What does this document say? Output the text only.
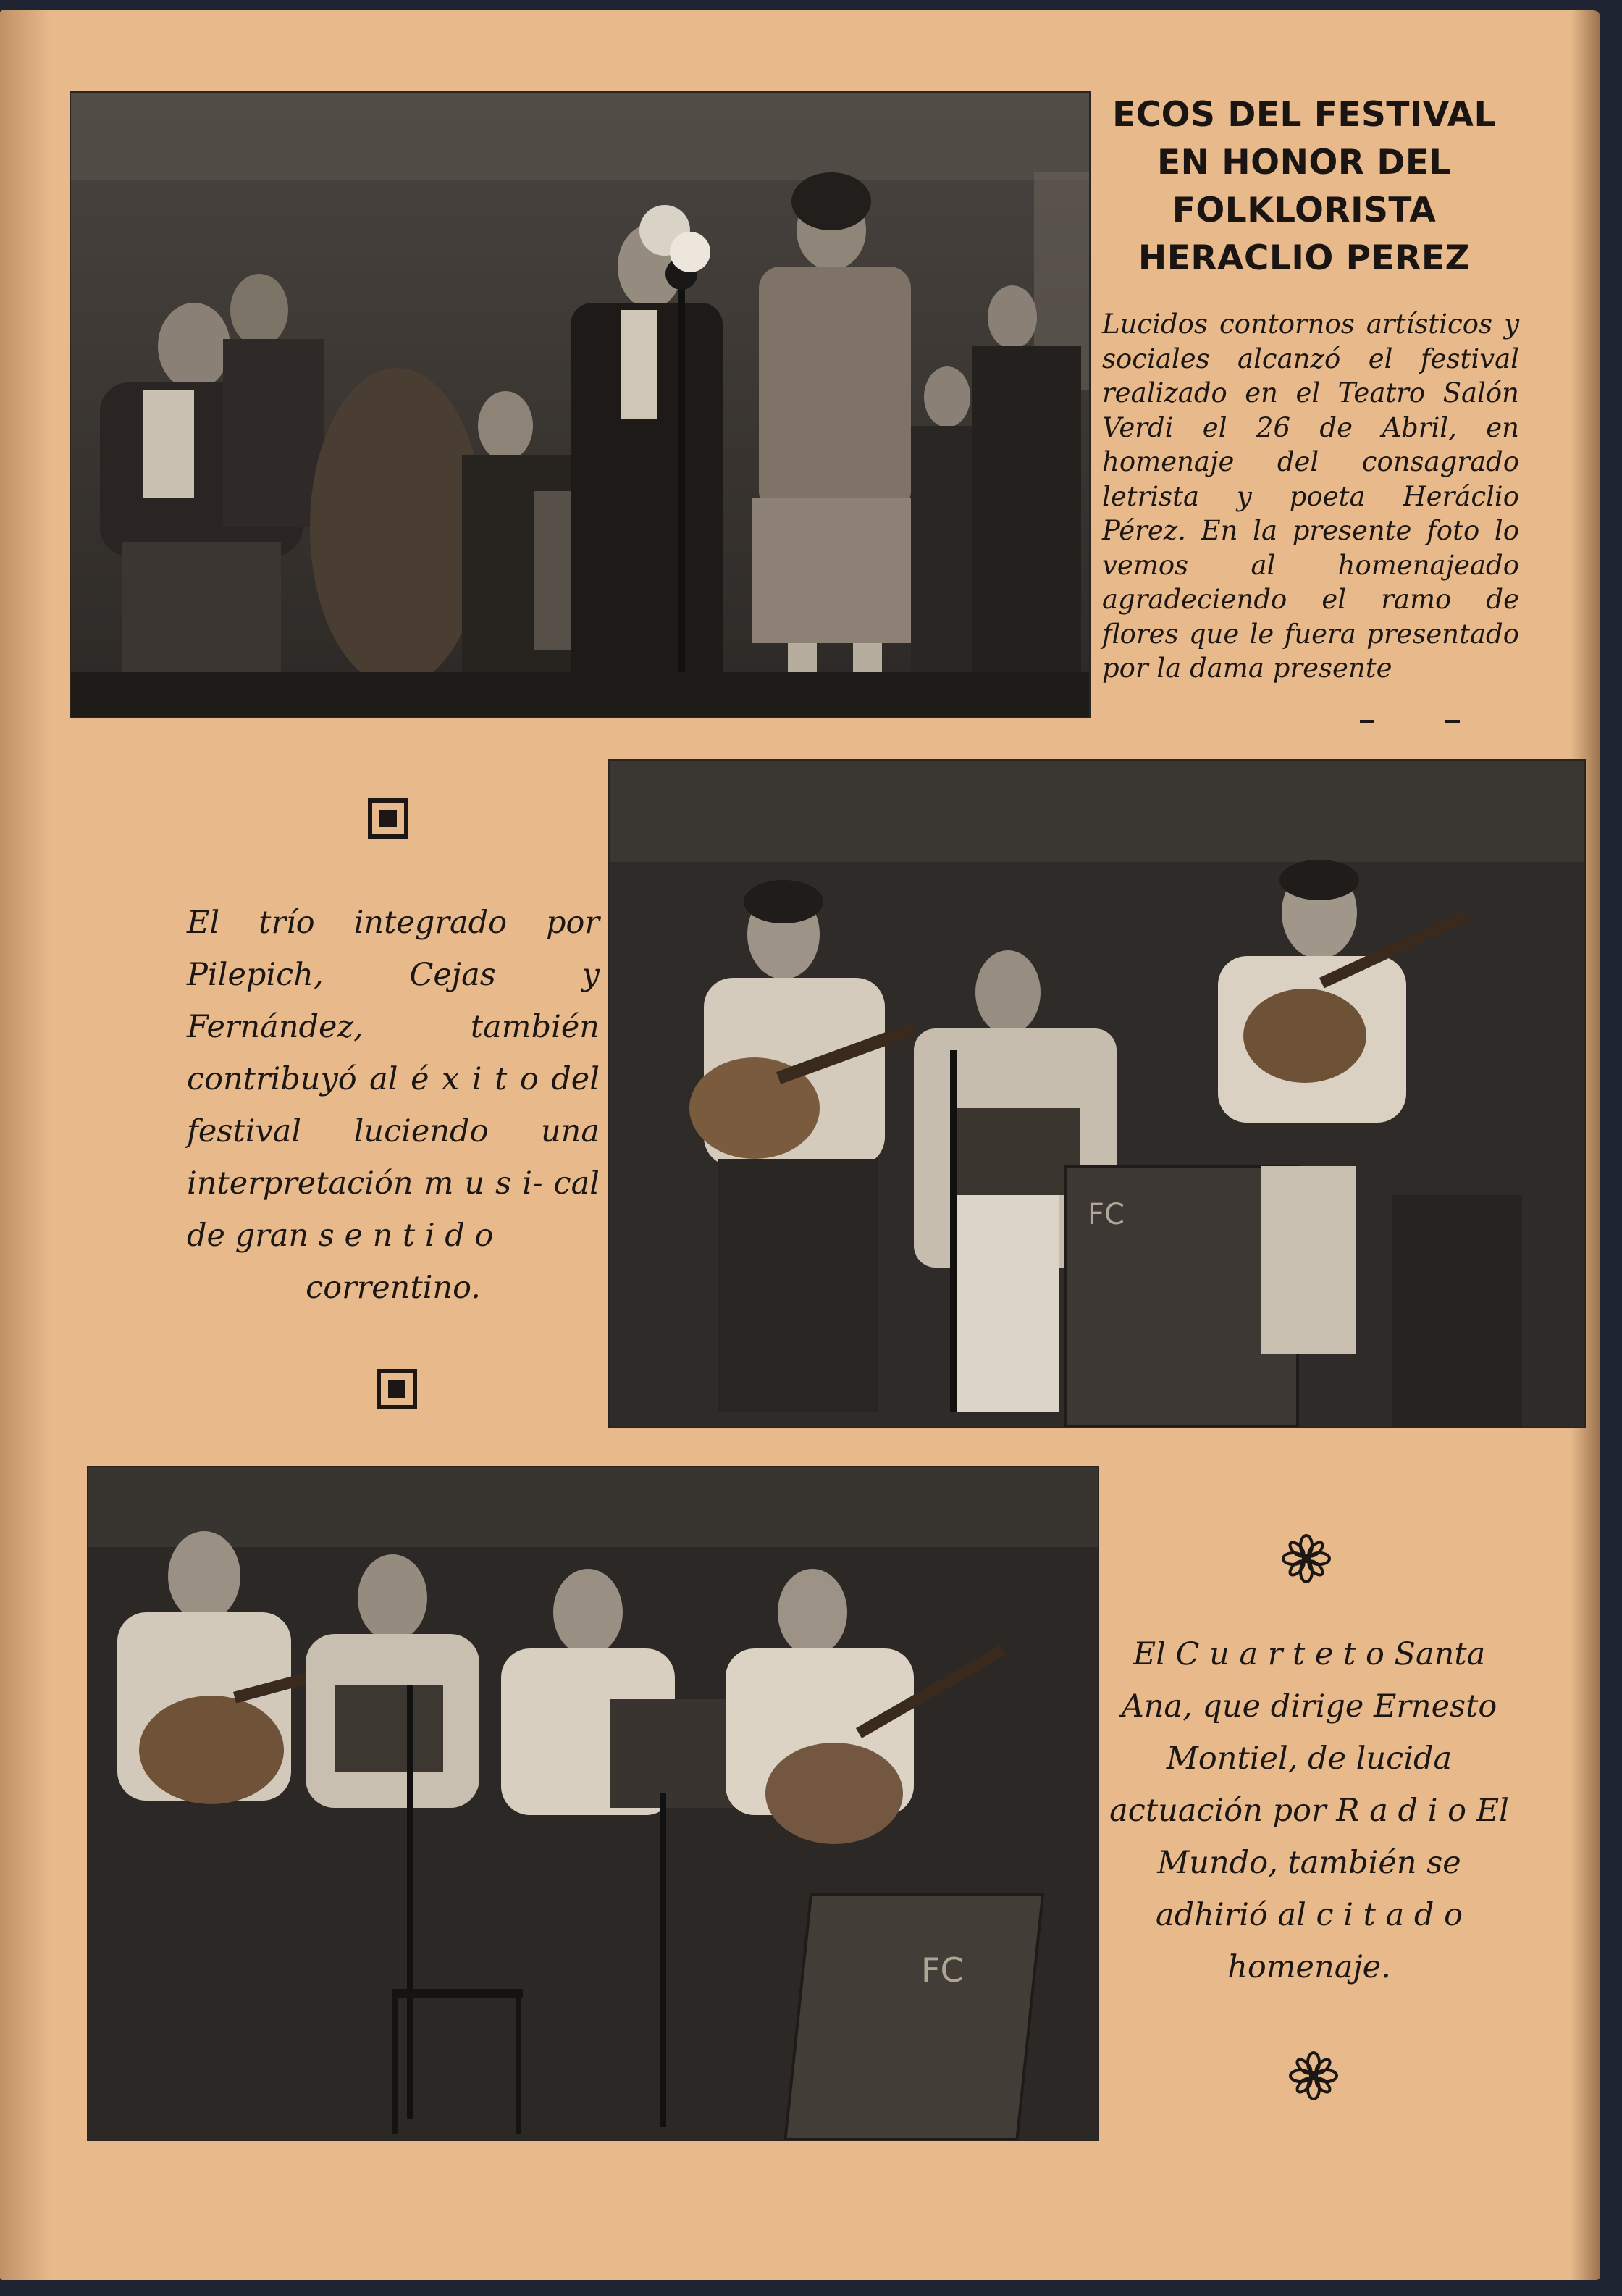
ECOS DEL FESTIVAL EN HONOR DEL FOLKLORISTA HERACLIO PEREZ

Lucidos contornos artísticos y sociales alcanzó el festival realizado en el Teatro Salón Verdi el 26 de Abril, en homenaje del consagrado letrista y poeta Heráclio Pérez. En la presente foto lo vemos al homenajeado agradeciendo el ramo de flores que le fuera presentado por la dama presente

FC

El trío integrado por Pilepich, Cejas y Fernández, también contribuyó al é x i t o del festival luciendo una interpretación m u s i- cal de gran s e n t i d o
correntino.

FC

El C u a r t e t o Santa Ana, que dirige Ernesto Montiel, de lucida actuación por R a d i o El Mundo, también se adhirió al c i t a d o homenaje.
